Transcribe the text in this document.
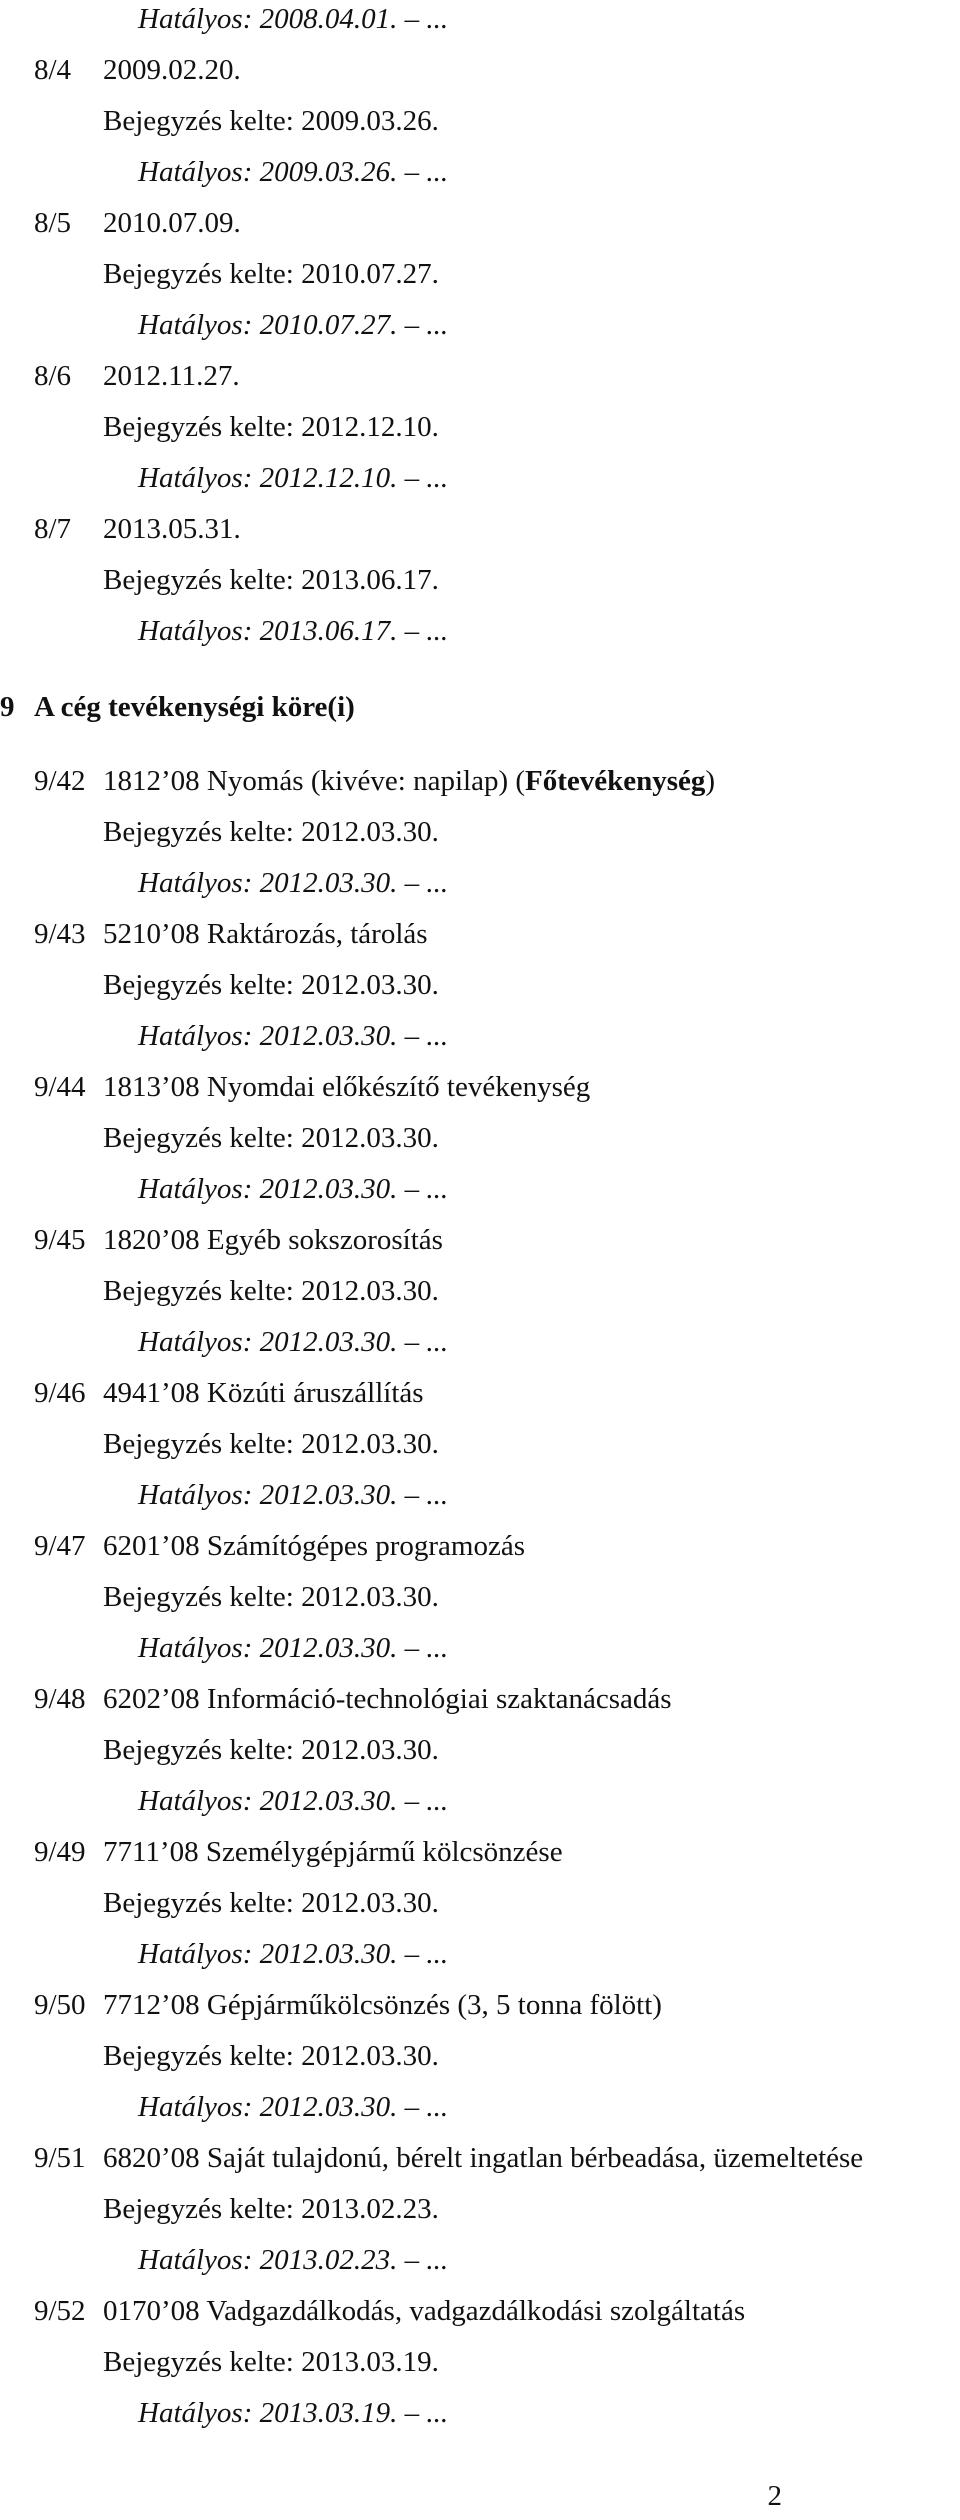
Hatályos: 2008.04.01. – ...
8/4 2009.02.20.
Bejegyzés kelte: 2009.03.26.
Hatályos: 2009.03.26. – ...
8/5 2010.07.09.
Bejegyzés kelte: 2010.07.27.
Hatályos: 2010.07.27. – ...
8/6 2012.11.27.
Bejegyzés kelte: 2012.12.10.
Hatályos: 2012.12.10. – ...
8/7 2013.05.31.
Bejegyzés kelte: 2013.06.17.
Hatályos: 2013.06.17. – ...
9 A cég tevékenységi köre(i)
9/42 1812’08 Nyomás (kivéve: napilap) (Főtevékenység)
Bejegyzés kelte: 2012.03.30.
Hatályos: 2012.03.30. – ...
9/43 5210’08 Raktározás, tárolás
Bejegyzés kelte: 2012.03.30.
Hatályos: 2012.03.30. – ...
9/44 1813’08 Nyomdai előkészítő tevékenység
Bejegyzés kelte: 2012.03.30.
Hatályos: 2012.03.30. – ...
9/45 1820’08 Egyéb sokszorosítás
Bejegyzés kelte: 2012.03.30.
Hatályos: 2012.03.30. – ...
9/46 4941’08 Közúti áruszállítás
Bejegyzés kelte: 2012.03.30.
Hatályos: 2012.03.30. – ...
9/47 6201’08 Számítógépes programozás
Bejegyzés kelte: 2012.03.30.
Hatályos: 2012.03.30. – ...
9/48 6202’08 Információ-technológiai szaktanácsadás
Bejegyzés kelte: 2012.03.30.
Hatályos: 2012.03.30. – ...
9/49 7711’08 Személygépjármű kölcsönzése
Bejegyzés kelte: 2012.03.30.
Hatályos: 2012.03.30. – ...
9/50 7712’08 Gépjárműkölcsönzés (3, 5 tonna fölött)
Bejegyzés kelte: 2012.03.30.
Hatályos: 2012.03.30. – ...
9/51 6820’08 Saját tulajdonú, bérelt ingatlan bérbeadása, üzemeltetése
Bejegyzés kelte: 2013.02.23.
Hatályos: 2013.02.23. – ...
9/52 0170’08 Vadgazdálkodás, vadgazdálkodási szolgáltatás
Bejegyzés kelte: 2013.03.19.
Hatályos: 2013.03.19. – ...
2
